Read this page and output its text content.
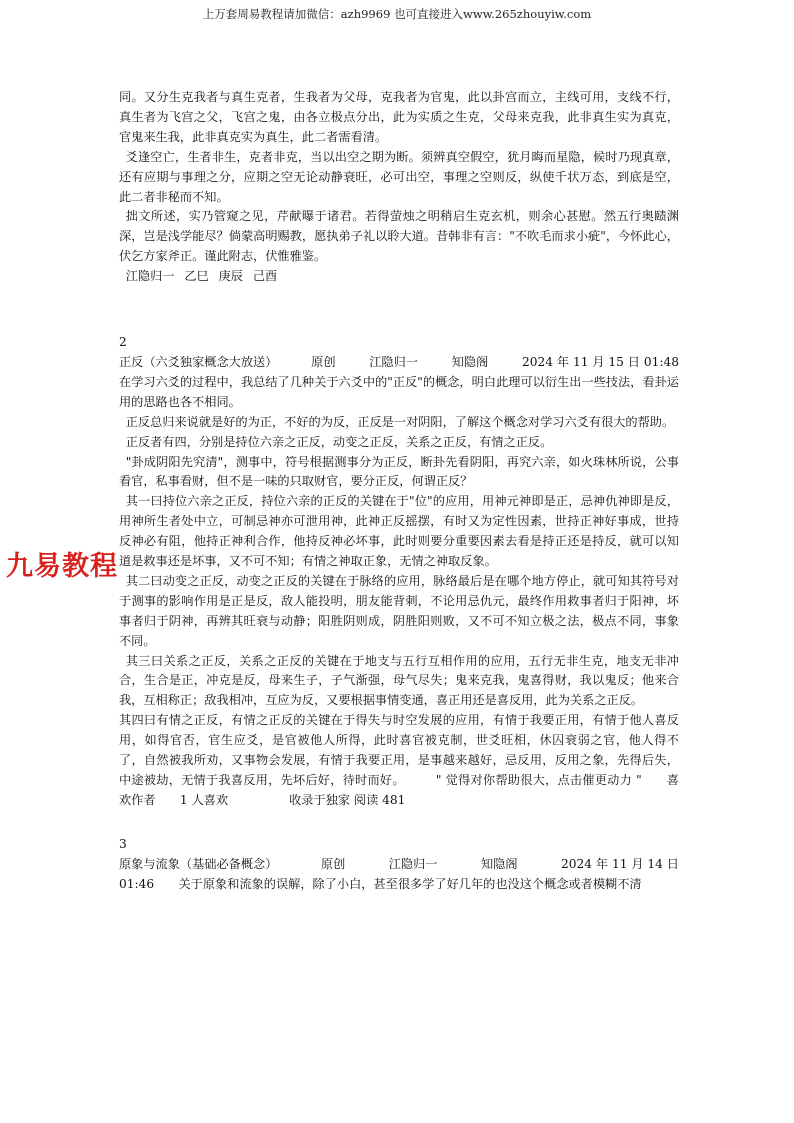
上万套周易教程请加微信：azh9969 也可直接进入www.265zhouyiw.com
九易教程

同。又分生克我者与真生克者，生我者为父母，克我者为官鬼，此以卦宫而立，主线可用，支线不行，真生者为飞宫之父，飞宫之鬼，由各立极点分出，此为实质之生克，父母来克我，此非真生实为真克，官鬼来生我，此非真克实为真生，此二者需看清。

爻逢空亡，生者非生，克者非克，当以出空之期为断。须辨真空假空，犹月晦而星隐，候时乃现真章，还有应期与事理之分，应期之空无论动静衰旺，必可出空，事理之空则反，纵使千状万态，到底是空，此二者非秘而不知。

拙文所述，实乃管窥之见，芹献曝于诸君。若得萤烛之明稍启生克玄机，则余心甚慰。然五行奥赜渊深，岂是浅学能尽？倘蒙高明赐教，愿执弟子礼以聆大道。昔韩非有言："不吹毛而求小疵"，今怀此心，伏乞方家斧正。谨此附志，伏惟雅鉴。

江隐归一 乙巳 庚辰 己酉

2

正反（六爻独家概念大放送）	原创	江隐归一	知隐阁	2024 年 11 月 15 日 01:48

在学习六爻的过程中，我总结了几种关于六爻中的"正反"的概念，明白此理可以衍生出一些技法，看卦运用的思路也各不相同。

正反总归来说就是好的为正，不好的为反，正反是一对阴阳，了解这个概念对学习六爻有很大的帮助。

正反者有四，分别是持位六亲之正反，动变之正反，关系之正反，有情之正反。

"卦成阴阳先究清"，测事中，符号根据测事分为正反，断卦先看阴阳，再究六亲，如火珠林所说，公事看官，私事看财，但不是一味的只取财官，要分正反，何谓正反？

其一曰持位六亲之正反，持位六亲的正反的关键在于"位"的应用，用神元神即是正，忌神仇神即是反，用神所生者处中立，可制忌神亦可泄用神，此神正反摇摆，有时又为定性因素，世持正神好事成，世持反神必有阻，他持正神利合作，他持反神必坏事，此时则要分重要因素去看是持正还是持反，就可以知道是救事还是坏事，又不可不知；有情之神取正象，无情之神取反象。

其二曰动变之正反，动变之正反的关键在于脉络的应用，脉络最后是在哪个地方停止，就可知其符号对于测事的影响作用是正是反，敌人能投明，朋友能背刺，不论用忌仇元，最终作用救事者归于阳神，坏事者归于阴神，再辨其旺衰与动静；阳胜阴则成，阴胜阳则败，又不可不知立极之法，极点不同，事象不同。

其三曰关系之正反，关系之正反的关键在于地支与五行互相作用的应用，五行无非生克，地支无非冲合，生合是正，冲克是反，母来生子，子气渐强，母气尽失；鬼来克我，鬼喜得财，我以鬼反；他来合我，互相称正；敌我相冲，互应为反，又要根据事情变通，喜正用还是喜反用，此为关系之正反。

其四曰有情之正反，有情之正反的关键在于得失与时空发展的应用，有情于我要正用，有情于他人喜反用，如得官否，官生应爻，是官被他人所得，此时喜官被克制，世爻旺相，休囚衰弱之官，他人得不了，自然被我所劝，又事物会发展，有情于我要正用，是事越来越好，忌反用，反用之象，先得后失，中途被劫，无情于我喜反用，先坏后好，待时而好。　　　" 觉得对你帮助很大，点击催更动力 "　　喜欢作者　　1 人喜欢　　　　　收录于独家 阅读 481

3

原象与流象（基础必备概念）	原创	江隐归一	知隐阁	2024 年 11 月 14 日

01:46　　关于原象和流象的误解，除了小白，甚至很多学了好几年的也没这个概念或者模糊不清
